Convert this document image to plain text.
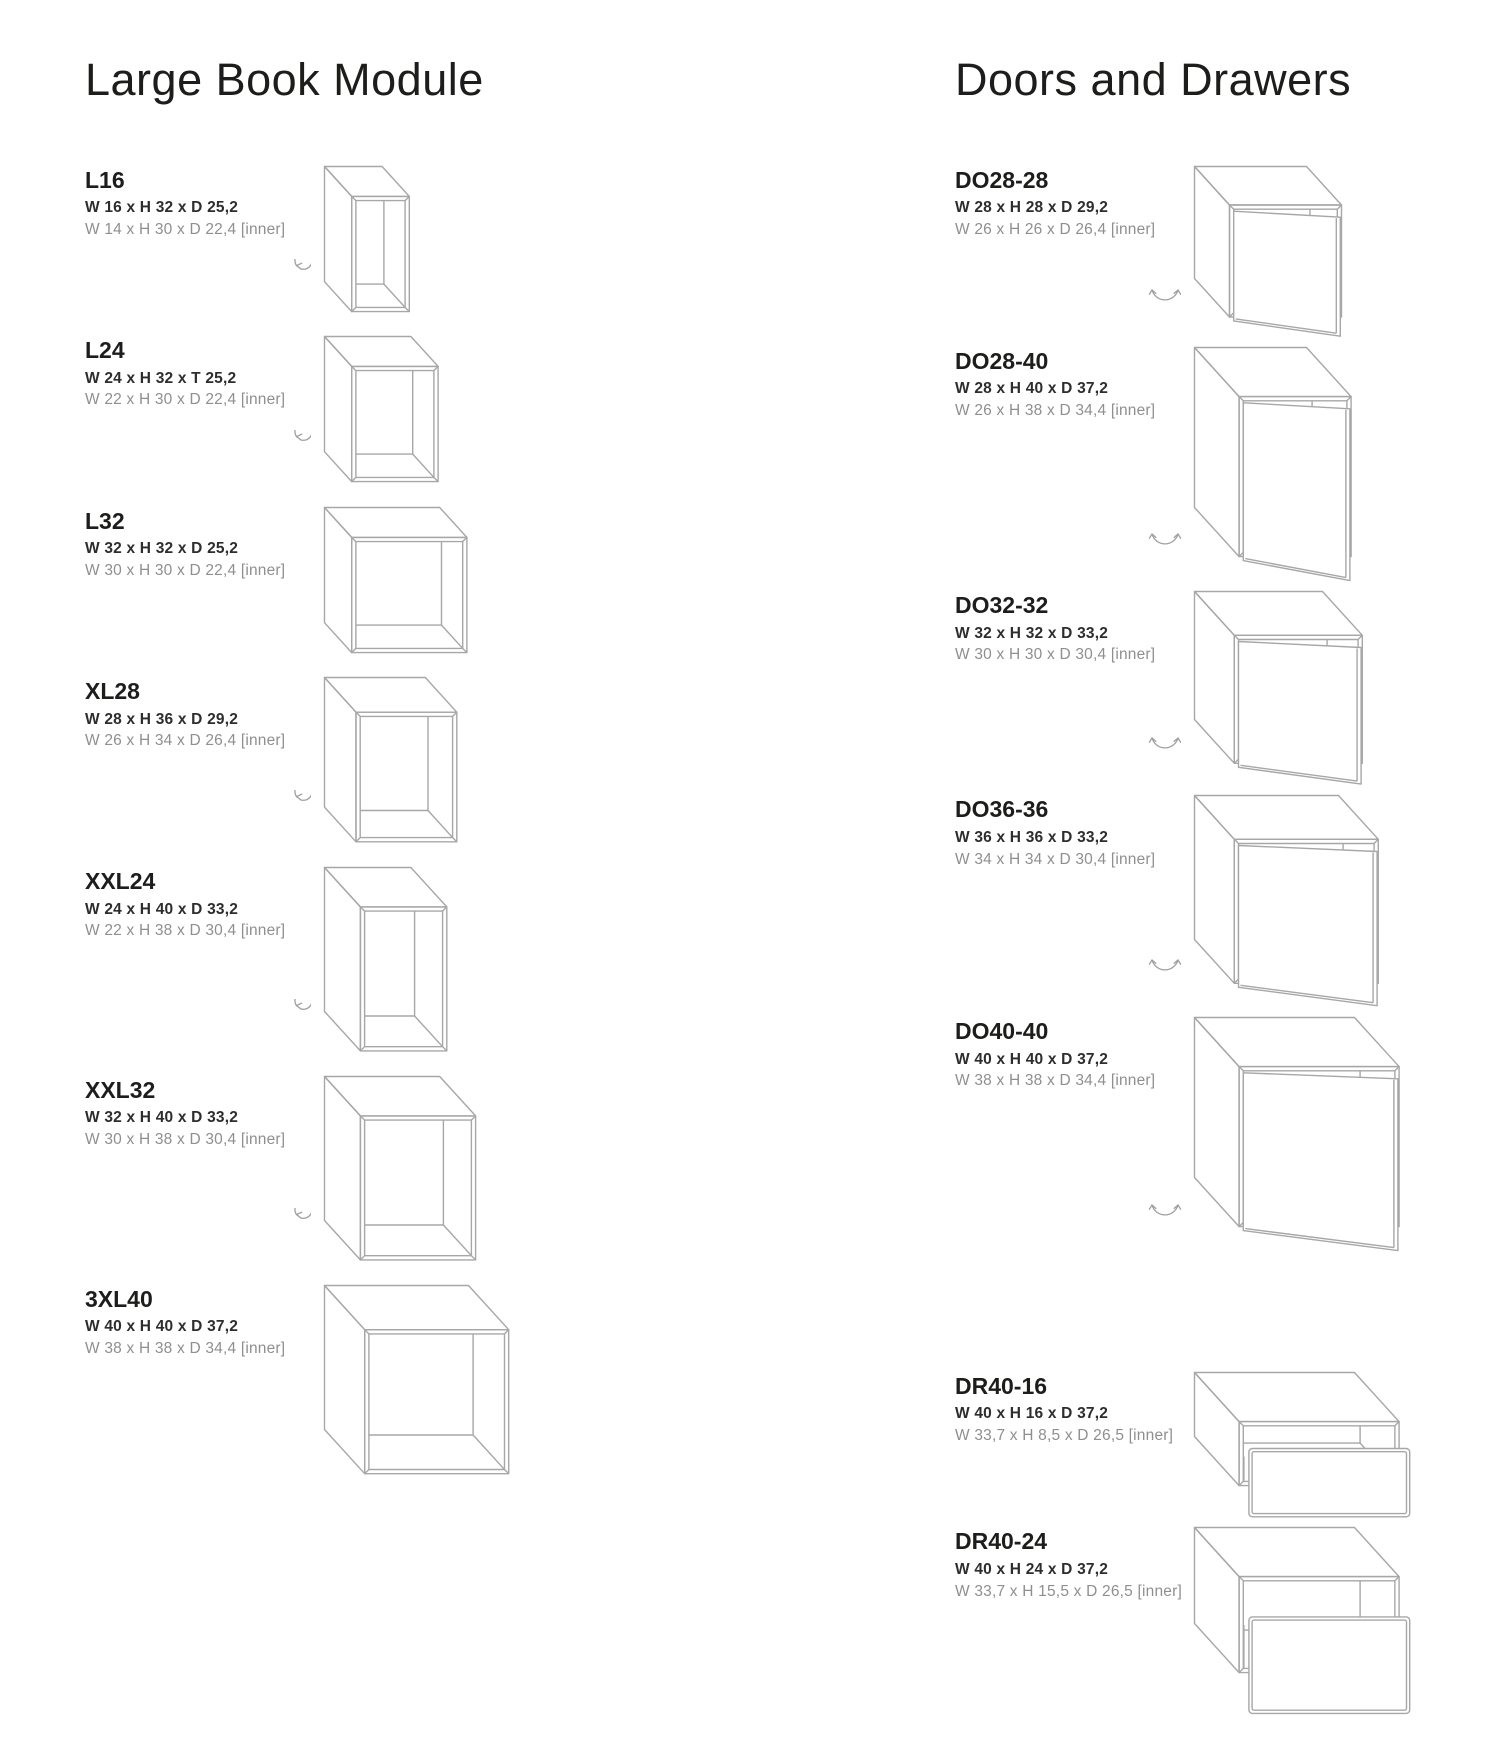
Large Book Module
L16
W 16 x H 32 x D 25,2
W 14 x H 30 x D 22,4 [inner]
L24
W 24 x H 32 x T 25,2
W 22 x H 30 x D 22,4 [inner]
L32
W 32 x H 32 x D 25,2
W 30 x H 30 x D 22,4 [inner]
XL28
W 28 x H 36 x D 29,2
W 26 x H 34 x D 26,4 [inner]
XXL24
W 24 x H 40 x D 33,2
W 22 x H 38 x D 30,4 [inner]
XXL32
W 32 x H 40 x D 33,2
W 30 x H 38 x D 30,4 [inner]
3XL40
W 40 x H 40 x D 37,2
W 38 x H 38 x D 34,4 [inner]
Doors and Drawers
DO28-28
W 28 x H 28 x D 29,2
W 26 x H 26 x D 26,4 [inner]
DO28-40
W 28 x H 40 x D 37,2
W 26 x H 38 x D 34,4 [inner]
DO32-32
W 32 x H 32 x D 33,2
W 30 x H 30 x D 30,4 [inner]
DO36-36
W 36 x H 36 x D 33,2
W 34 x H 34 x D 30,4 [inner]
DO40-40
W 40 x H 40 x D 37,2
W 38 x H 38 x D 34,4 [inner]
DR40-16
W 40 x H 16 x D 37,2
W 33,7 x H 8,5 x D 26,5 [inner]
DR40-24
W 40 x H 24 x D 37,2
W 33,7 x H 15,5 x D 26,5 [inner]
